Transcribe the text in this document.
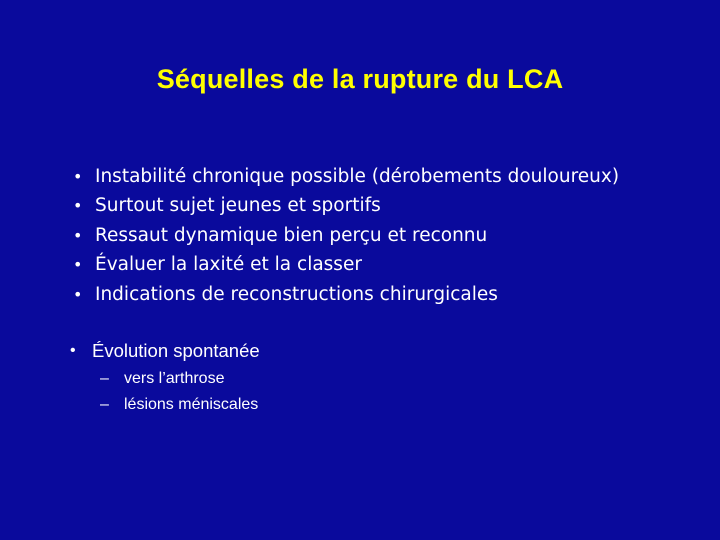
Séquelles de la rupture du LCA
• Instabilité chronique possible (dérobements douloureux)
• Surtout sujet jeunes et sportifs
• Ressaut dynamique bien perçu et reconnu
• Évaluer la laxité et la classer
• Indications de reconstructions chirurgicales
• Évolution spontanée
– vers l’arthrose
– lésions méniscales
